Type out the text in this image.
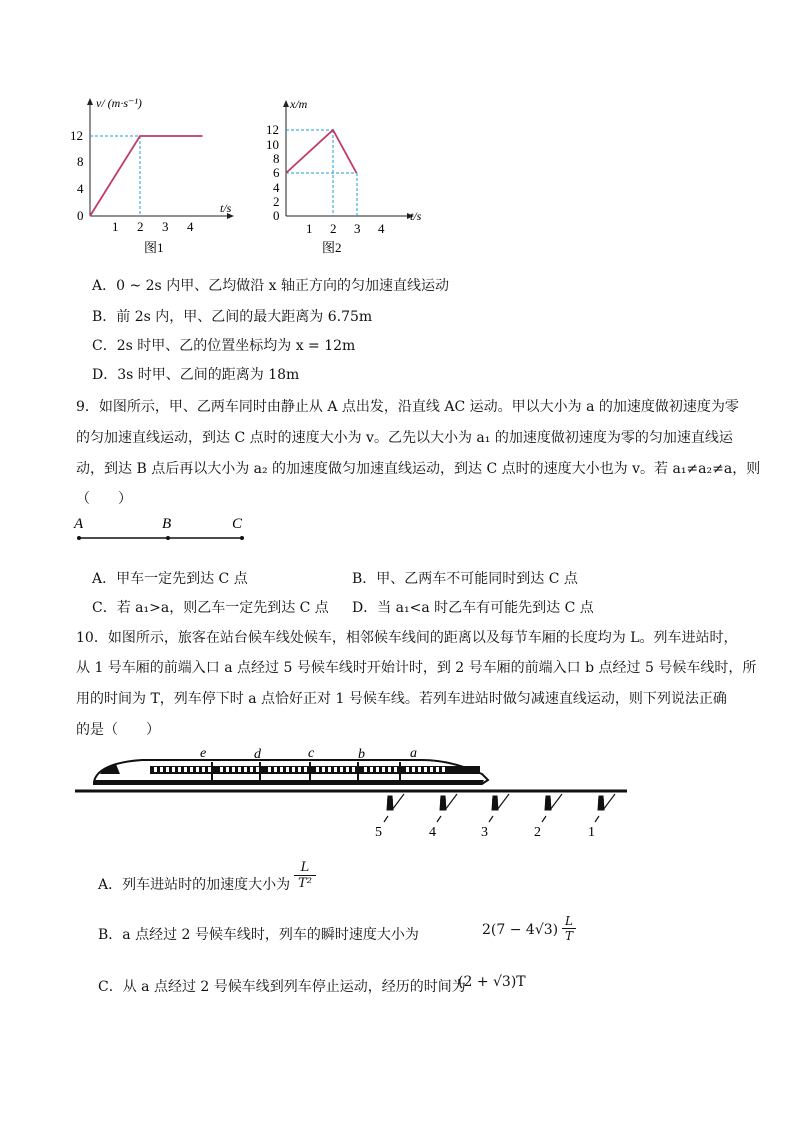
v/ (m·s⁻¹)
t/s
12
8
4
0
1 2 3 4
图1
x/m
t/s
12
10
8
6
4
2
0
1 2 3 4
图2
A．0 ~ 2s 内甲、乙均做沿 x 轴正方向的匀加速直线运动
B．前 2s 内，甲、乙间的最大距离为 6.75m
C．2s 时甲、乙的位置坐标均为 x = 12m
D．3s 时甲、乙间的距离为 18m
9．如图所示，甲、乙两车同时由静止从 A 点出发，沿直线 AC 运动。甲以大小为 a 的加速度做初速度为零
的匀加速直线运动，到达 C 点时的速度大小为 v。乙先以大小为 a₁ 的加速度做初速度为零的匀加速直线运
动，到达 B 点后再以大小为 a₂ 的加速度做匀加速直线运动，到达 C 点时的速度大小也为 v。若 a₁≠a₂≠a，则
（　　）
A	B	C
A．甲车一定先到达 C 点	B．甲、乙两车不可能同时到达 C 点
C．若 a₁>a，则乙车一定先到达 C 点 D．当 a₁<a 时乙车有可能先到达 C 点
10．如图所示，旅客在站台候车线处候车，相邻候车线间的距离以及每节车厢的长度均为 L。列车进站时，
从 1 号车厢的前端入口 a 点经过 5 号候车线时开始计时，到 2 号车厢的前端入口 b 点经过 5 号候车线时，所
用的时间为 T，列车停下时 a 点恰好正对 1 号候车线。若列车进站时做匀减速直线运动，则下列说法正确
的是（　　）
e	d	c	b	a
5	4	3	2	1
A．列车进站时的加速度大小为 $\frac{L}{\text{T²}}$
B．a 点经过 2 号候车线时，列车的瞬时速度大小为	$2(7 - 4√3) \frac{L}{T}$
C．从 a 点经过 2 号候车线到列车停止运动，经历的时间为
(2 + √3)T
